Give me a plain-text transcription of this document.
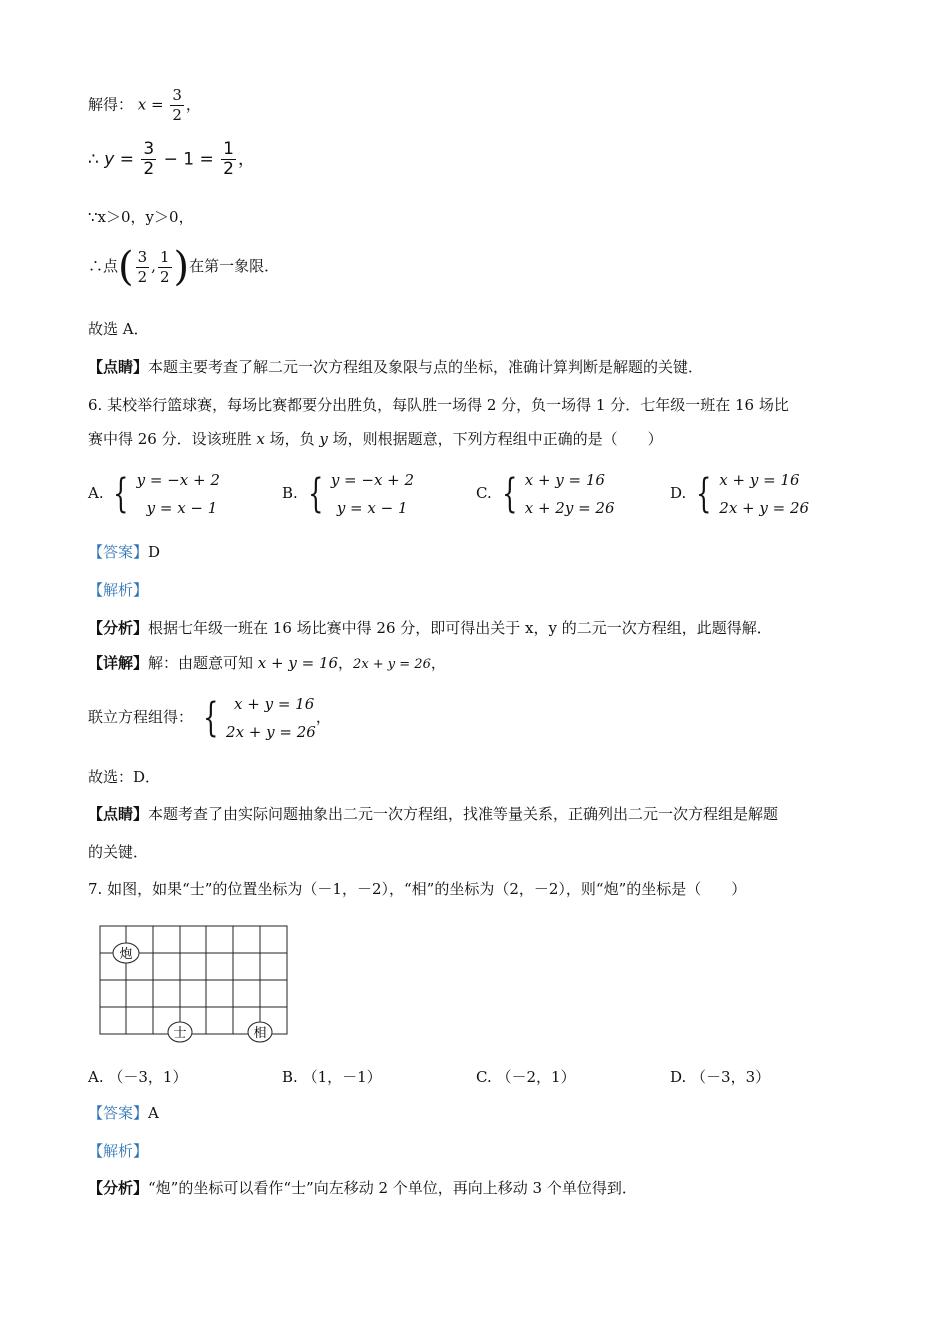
解得： $x = \frac{3}{2}$ ，
∴ $y = \frac{3}{2} - 1 = \frac{1}{2}$ ，
∵x＞0，y＞0，
∴点( $\frac{3}{2}$ , $\frac{1}{2}$ )在第一象限．
故选 A．
【点睛】本题主要考查了解二元一次方程组及象限与点的坐标，准确计算判断是解题的关键．
6. 某校举行篮球赛，每场比赛都要分出胜负，每队胜一场得 2 分，负一场得 1 分．七年级一班在 16 场比
赛中得 26 分．设该班胜 x 场，负 y 场，则根据题意，下列方程组中正确的是（　　）
A. { y = −x + 2
y = x − 1
B. { y = −x + 2
y = x − 1
C. { x + y = 16
x + 2y = 26
D. { x + y = 16
2x + y = 26
【答案】D
【解析】
【分析】根据七年级一班在 16 场比赛中得 26 分，即可得出关于 x，y 的二元一次方程组，此题得解．
【详解】解：由题意可知 x + y = 16，2x + y = 26，
联立方程组得： {	x + y = 16
2x + y = 26
，
故选：D．
【点睛】本题考查了由实际问题抽象出二元一次方程组，找准等量关系，正确列出二元一次方程组是解题
的关键．
7. 如图，如果“士”的位置坐标为（－1，－2），“相”的坐标为（2，－2），则“炮”的坐标是（　　）
炮
士	相
A. （－3，1）	B. （1，－1）	C. （－2，1）	D. （－3，3）
【答案】A
【解析】
【分析】“炮”的坐标可以看作“士”向左移动 2 个单位，再向上移动 3 个单位得到．
